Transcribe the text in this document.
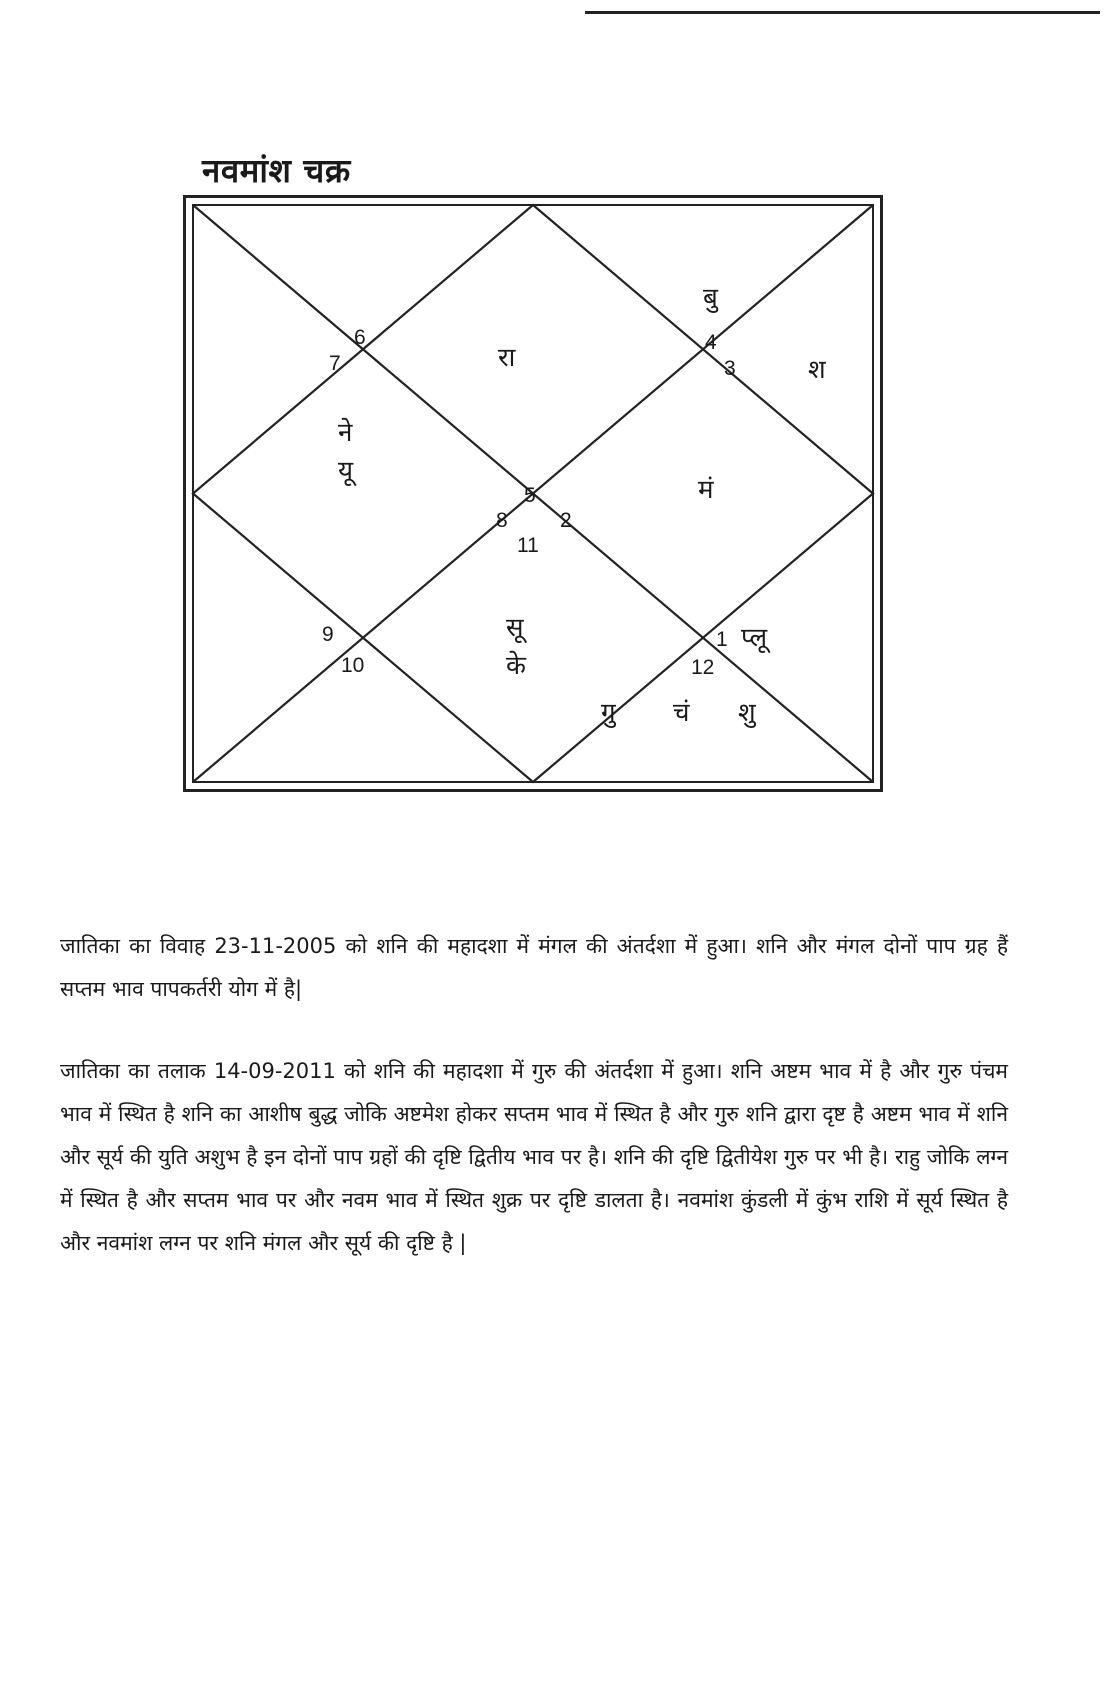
नवमांश चक्र
5
8 2
11
6
7
4
3
9
10
1
12
रा	श
बु
ने
यू
मं
सू
के
प्लू
गु चं शु

जातिका का विवाह 23-11-2005 को शनि की महादशा में मंगल की अंतर्दशा में हुआ। शनि और मंगल दोनों पाप ग्रह हैं सप्तम भाव पापकर्तरी योग में है|

जातिका का तलाक 14-09-2011 को शनि की महादशा में गुरु की अंतर्दशा में हुआ। शनि अष्टम भाव में है और गुरु पंचम भाव में स्थित है शनि का आशीष बुद्ध जोकि अष्टमेश होकर सप्तम भाव में स्थित है और गुरु शनि द्वारा दृष्ट है अष्टम भाव में शनि और सूर्य की युति अशुभ है इन दोनों पाप ग्रहों की दृष्टि द्वितीय भाव पर है। शनि की दृष्टि द्वितीयेश गुरु पर भी है। राहु जोकि लग्न में स्थित है और सप्तम भाव पर और नवम भाव में स्थित शुक्र पर दृष्टि डालता है। नवमांश कुंडली में कुंभ राशि में सूर्य स्थित है और नवमांश लग्न पर शनि मंगल और सूर्य की दृष्टि है |
